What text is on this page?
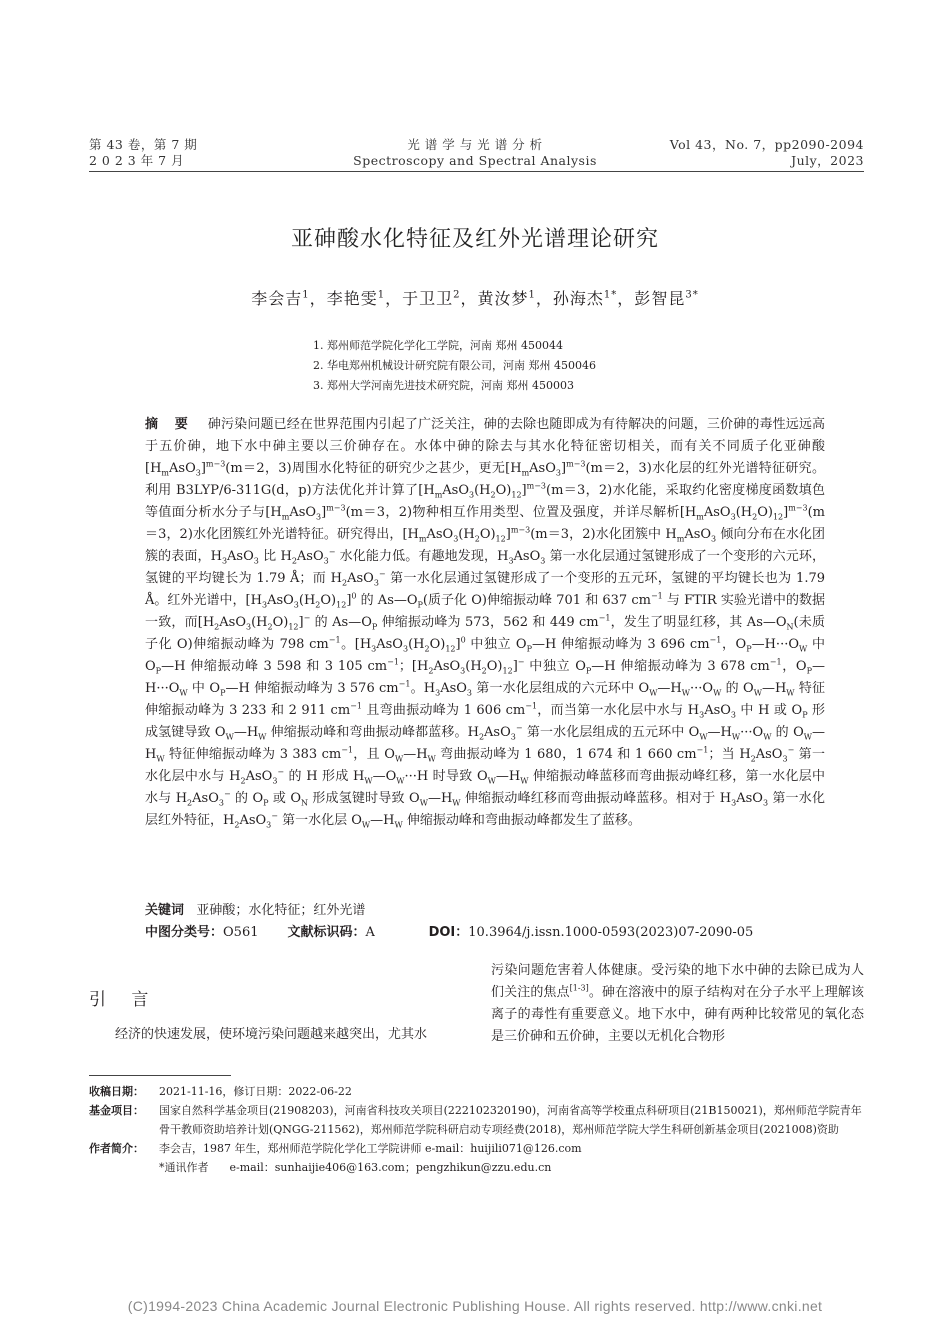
第 43 卷，第 7 期
2 0 2 3 年 7 月
光 谱 学 与 光 谱 分 析
Spectroscopy and Spectral Analysis
Vol 43，No. 7，pp2090-2094
July，2023
亚砷酸水化特征及红外光谱理论研究
李会吉$^1$，李艳雯$^1$，于卫卫$^2$，黄汝梦$^1$，孙海杰$^{1*}$，彭智昆$^{3*}$
1. 郑州师范学院化学化工学院，河南 郑州 450044
2. 华电郑州机械设计研究院有限公司，河南 郑州 450046
3. 郑州大学河南先进技术研究院，河南 郑州 450003

摘 要 砷污染问题已经在世界范围内引起了广泛关注，砷的去除也随即成为有待解决的问题，三价砷的毒性远远高于五价砷，地下水中砷主要以三价砷存在。水体中砷的除去与其水化特征密切相关，而有关不同质子化亚砷酸$[H_mAsO_3]^{m-3}(m=2$，3)周围水化特征的研究少之甚少，更无$[H_mAsO_3]^{m-3}(m=2$，3)水化层的红外光谱特征研究。利用 B3LYP/6-311G(d，p)方法优化并计算了$[H_mAsO_3(H_2O)_{12}]^{m-3}(m=3$，2)水化能，采取约化密度梯度函数填色等值面分析水分子与$[H_mAsO_3]^{m-3}(m=3$，2)物种相互作用类型、位置及强度，并详尽解析$[H_mAsO_3(H_2O)_{12}]^{m-3}(m=3$，2)水化团簇红外光谱特征。研究得出，$[H_mAsO_3(H_2O)_{12}]^{m-3}(m=3$，2)水化团簇中 $H_mAsO_3$ 倾向分布在水化团簇的表面，$H_3AsO_3$ 比 $H_2AsO_3^-$ 水化能力低。有趣地发现，$H_3AsO_3$ 第一水化层通过氢键形成了一个变形的六元环，氢键的平均键长为 1.79 Å；而 $H_2AsO_3^-$ 第一水化层通过氢键形成了一个变形的五元环，氢键的平均键长也为 1.79 Å。红外光谱中，$[H_3AsO_3(H_2O)_{12}]^0$ 的 $As—O_P$(质子化 O)伸缩振动峰 701 和 637 $cm^{-1}$ 与 FTIR 实验光谱中的数据一致，而$[H_2AsO_3(H_2O)_{12}]^-$ 的 $As—O_P$ 伸缩振动峰为 573，562 和 449 $cm^{-1}$，发生了明显红移，其 $As—O_N$(未质子化 O)伸缩振动峰为 798 $cm^{-1}$。$[H_3AsO_3(H_2O)_{12}]^0$ 中独立 $O_P—H$ 伸缩振动峰为 3 696 $cm^{-1}$，$O_P—H\cdot\cdot\cdot O_W$ 中 $O_P—H$ 伸缩振动峰 3 598 和 3 105 $cm^{-1}$；$[H_2AsO_3(H_2O)_{12}]^-$ 中独立 $O_P—H$ 伸缩振动峰为 3 678 $cm^{-1}$，$O_P—H\cdot\cdot\cdot O_W$ 中 $O_P—H$ 伸缩振动峰为 3 576 $cm^{-1}$。$H_3AsO_3$ 第一水化层组成的六元环中 $O_W—H_W\cdot\cdot\cdot O_W$ 的 $O_W—H_W$ 特征伸缩振动峰为 3 233 和 2 911 $cm^{-1}$ 且弯曲振动峰为 1 606 $cm^{-1}$，而当第一水化层中水与 $H_3AsO_3$ 中 H 或 $O_P$ 形成氢键导致 $O_W—H_W$ 伸缩振动峰和弯曲振动峰都蓝移。$H_2AsO_3^-$ 第一水化层组成的五元环中 $O_W—H_W\cdot\cdot\cdot O_W$ 的 $O_W—H_W$ 特征伸缩振动峰为 3 383 $cm^{-1}$，且 $O_W—H_W$ 弯曲振动峰为 1 680，1 674 和 1 660 $cm^{-1}$；当 $H_2AsO_3^-$ 第一水化层中水与 $H_2AsO_3^-$ 的 H 形成 $H_W—O_W\cdot\cdot\cdot H$ 时导致 $O_W—H_W$ 伸缩振动峰蓝移而弯曲振动峰红移，第一水化层中水与 $H_2AsO_3^-$ 的 $O_P$ 或 $O_N$ 形成氢键时导致 $O_W—H_W$ 伸缩振动峰红移而弯曲振动峰蓝移。相对于 $H_3AsO_3$ 第一水化层红外特征，$H_2AsO_3^-$ 第一水化层 $O_W—H_W$ 伸缩振动峰和弯曲振动峰都发生了蓝移。

关键词 亚砷酸；水化特征；红外光谱
中图分类号：O561 文献标识码：A	DOI：10.3964/j.issn.1000-0593(2023)07-2090-05
引 言
经济的快速发展，使环境污染问题越来越突出，尤其水
污染问题危害着人体健康。受污染的地下水中砷的去除已成为人们关注的焦点[1-3]。砷在溶液中的原子结构对在分子水平上理解该离子的毒性有重要意义。地下水中，砷有两种比较常见的氧化态是三价砷和五价砷，主要以无机化合物形
收稿日期：	2021-11-16，修订日期：2022-06-22
基金项目：	国家自然科学基金项目(21908203)，河南省科技攻关项目(222102320190)，河南省高等学校重点科研项目(21B150021)，郑州师范学院青年骨干教师资助培养计划(QNGG-211562)，郑州师范学院科研启动专项经费(2018)，郑州师范学院大学生科研创新基金项目(2021008)资助
作者简介：	李会吉，1987 年生，郑州师范学院化学化工学院讲师 e-mail：huijili071@126.com
*通讯作者 e-mail：sunhaijie406@163.com；pengzhikun@zzu.edu.cn
(C)1994-2023 China Academic Journal Electronic Publishing House. All rights reserved. http://www.cnki.net
